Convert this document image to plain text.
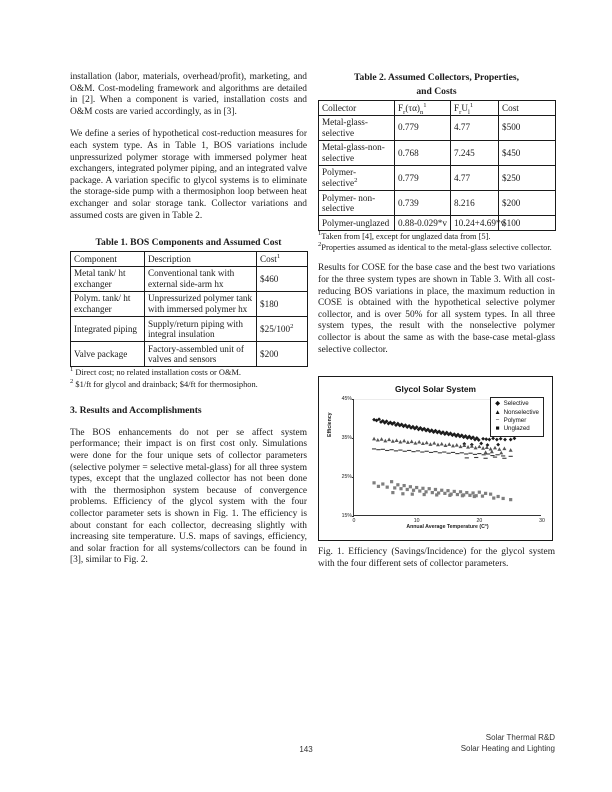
installation (labor, materials, overhead/profit), marketing, and O&M. Cost-modeling framework and algorithms are detailed in [2]. When a component is varied, installation costs and O&M costs are varied accordingly, as in [3].

We define a series of hypothetical cost-reduction measures for each system type. As in Table 1, BOS variations include unpressurized polymer storage with immersed polymer heat exchangers, integrated polymer piping, and an integrated valve package. A variation specific to glycol systems is to eliminate the storage-side pump with a thermosiphon loop between heat exchanger and solar storage tank. Collector variations and assumed costs are given in Table 2.

Table 1. BOS Components and Assumed Cost
Component	Description	Cost$^1$
Metal tank/ ht exchanger	Conventional tank with external side-arm hx	$460
Polym. tank/ ht exchanger	Unpressurized polymer tank with immersed polymer hx	$180
Integrated piping	Supply/return piping with integral insulation	$25/100$^2$
Valve package	Factory-assembled unit of valves and sensors	$200

$^1$ Direct cost; no related installation costs or O&M.

$^2$ $1/ft for glycol and drainback; $4/ft for thermosiphon.

3. Results and Accomplishments

The BOS enhancements do not per se affect system performance; their impact is on first cost only. Simulations were done for the four unique sets of collector parameters (selective polymer = selective metal-glass) for all three system types, except that the unglazed collector has not been done with the thermosiphon system because of convergence problems. Efficiency of the glycol system with the four collector parameter sets is shown in Fig. 1. The efficiency is about constant for each collector, decreasing slightly with increasing site temperature. U.S. maps of savings, efficiency, and solar fraction for all systems/collectors can be found in [3], similar to Fig. 2.

Table 2. Assumed Collectors, Properties,
and Costs
Collector	$F_r(\tau\alpha)_n^1$	$F_rU_l^1$	Cost
Metal-glass-selective	0.779	4.77	$500
Metal-glass-non-selective	0.768	7.245	$450
Polymer-selective$^2$	0.779	4.77	$250
Polymer- non-selective	0.739	8.216	$200
Polymer-unglazed	0.88-0.029*v	10.24+4.69*v	$100

$^1$Taken from [4], except for unglazed data from [5].

$^2$Properties assumed as identical to the metal-glass selective collector.

Results for COSE for the base case and the best two variations for the three system types are shown in Table 3. With all cost-reducing BOS variations in place, the maximum reduction in COSE is obtained with the hypothetical selective polymer collector, and is over 50% for all system types. In all three system types, the result with the nonselective polymer collector is about the same as with the base-case metal-glass selective collector.

Glycol Solar System
Efficiency
Annual Average Temperature (C°)
15%
25%
35%
45%
0	10	20	30
◆ Selective
▲ Nonselective
− Polymer
■ Unglazed

Fig. 1. Efficiency (Savings/Incidence) for the glycol system with the four different sets of collector parameters.

143
Solar Thermal R&D
Solar Heating and Lighting
